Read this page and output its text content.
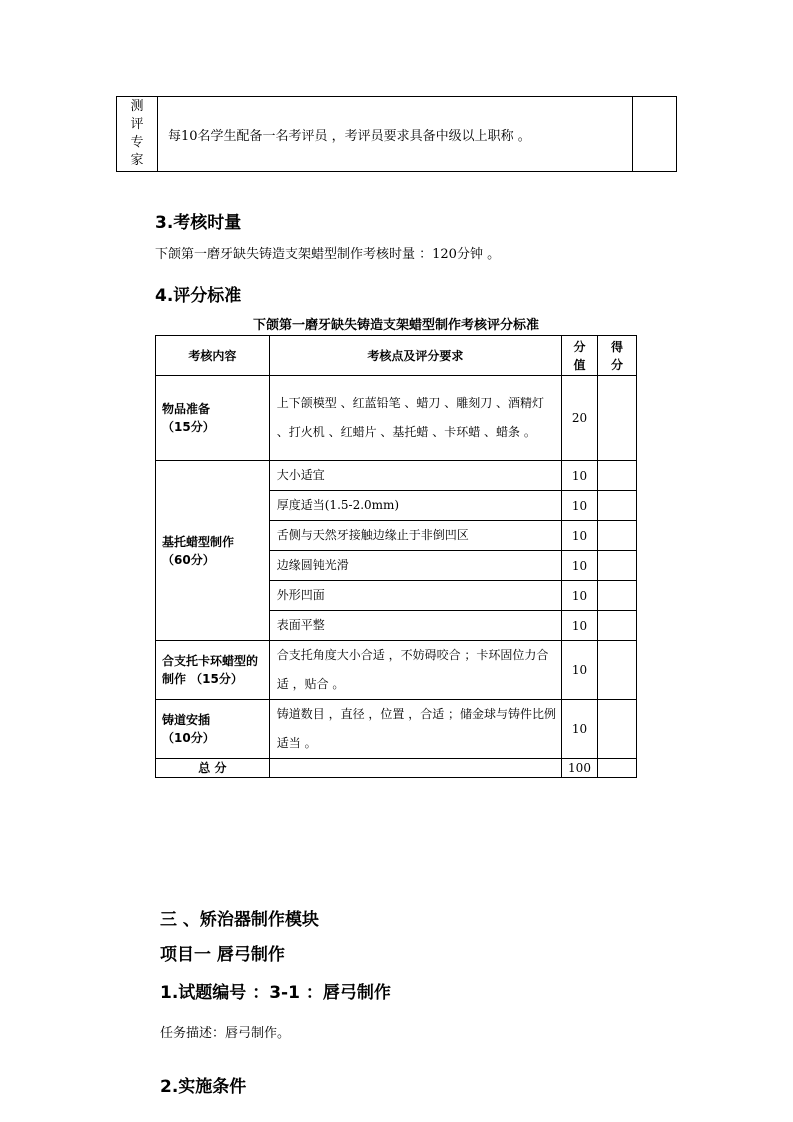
测
评
专
家
	每10名学生配备一名考评员 ，考评员要求具备中级以上职称 。	
3.考核时量
下颌第一磨牙缺失铸造支架蜡型制作考核时量 ：120分钟 。
4.评分标准
下颌第一磨牙缺失铸造支架蜡型制作考核评分标准
考核内容	考核点及评分要求	分值	得分
物品准备
（15分）	上下颌模型 、红蓝铅笔 、蜡刀 、雕刻刀 、酒精灯 、打火机 、红蜡片 、基托蜡 、卡环蜡 、蜡条 。	20	
基托蜡型制作
（60分）	大小适宜	10	
	厚度适当(1.5-2.0mm)	10	
	舌侧与天然牙接触边缘止于非倒凹区	10	
	边缘圆钝光滑	10	
	外形凹面	10	
	表面平整	10	
合支托卡环蜡型的制作 （15分）	合支托角度大小合适 ，不妨碍咬合 ；卡环固位力合适 ，贴合 。	10	
铸道安插
（10分）	铸道数目 ，直径 ，位置 ，合适 ；储金球与铸件比例适当 。	10	
总 分		100	
三 、矫治器制作模块
项目一 唇弓制作
1.试题编号 ：3-1 ：唇弓制作
任务描述：唇弓制作。
2.实施条件
